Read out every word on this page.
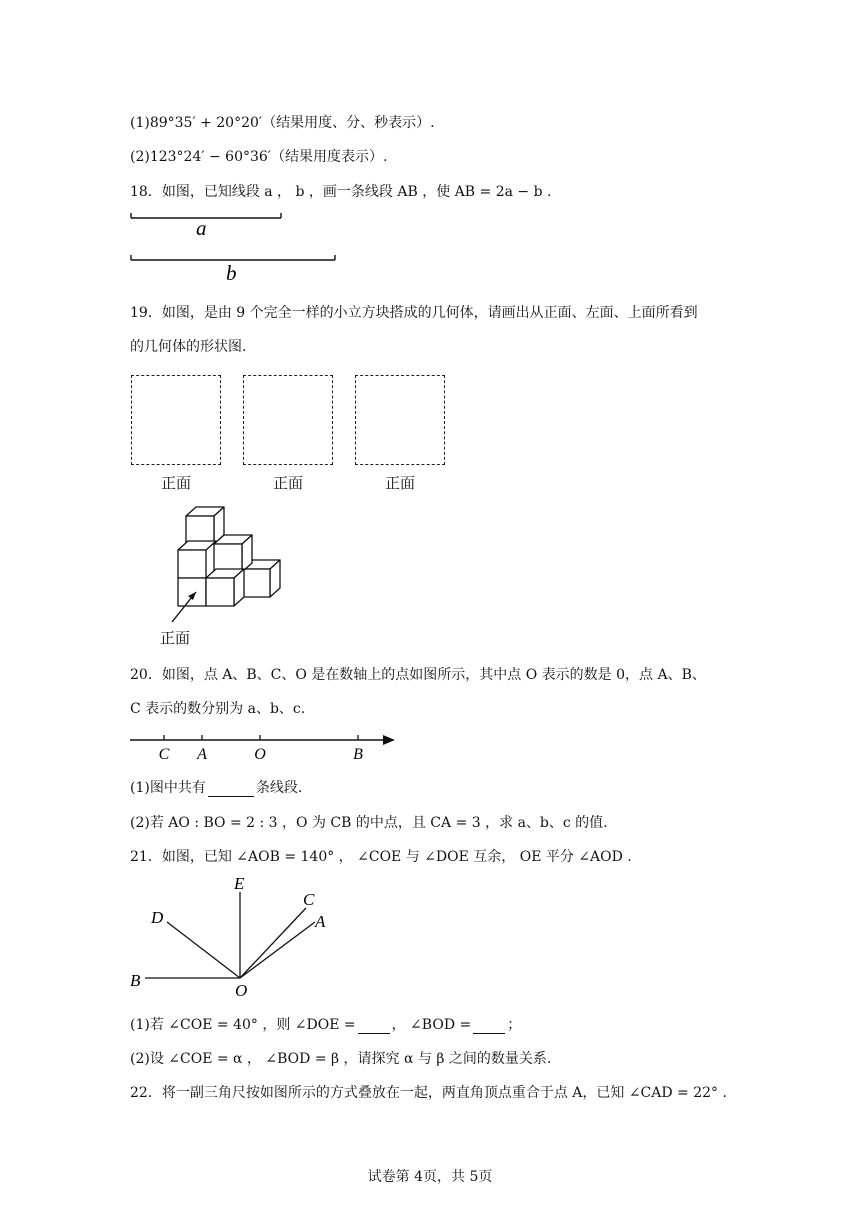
(1)89°35′ + 20°20′（结果用度、分、秒表示）.
(2)123°24′ − 60°36′（结果用度表示）.
18．如图，已知线段 a ， b ，画一条线段 AB ，使 AB = 2a − b .
a
b
19．如图，是由 9 个完全一样的小立方块搭成的几何体，请画出从正面、左面、上面所看到
的几何体的形状图.
正面	正面	正面
正面
20．如图，点 A、B、C、O 是在数轴上的点如图所示，其中点 O 表示的数是 0，点 A、B、
C 表示的数分别为 a、b、c.
C A	O	B
(1)图中共有	条线段.
(2)若 AO : BO = 2 : 3 ，O 为 CB 的中点，且 CA = 3 ，求 a、b、c 的值.
21．如图，已知 ∠AOB = 140° ， ∠COE 与 ∠DOE 互余， OE 平分 ∠AOD .
E
C
A
D
B
O
(1)若 ∠COE = 40° ，则 ∠DOE =	， ∠BOD =	；
(2)设 ∠COE = α ， ∠BOD = β ，请探究 α 与 β 之间的数量关系.
22．将一副三角尺按如图所示的方式叠放在一起，两直角顶点重合于点 A，已知 ∠CAD = 22° .
试卷第 4页，共 5页
